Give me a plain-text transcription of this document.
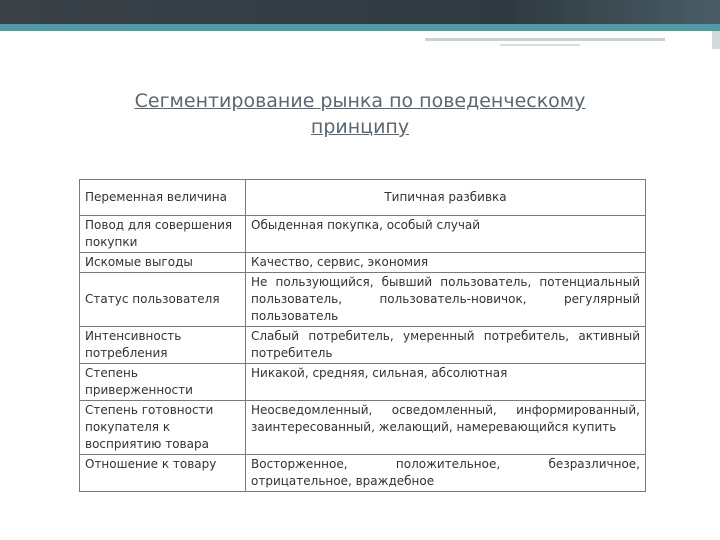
Сегментирование рынка по поведенческому
принципу
Переменная величина	Типичная разбивка
Повод для совершения покупки	Обыденная покупка, особый случай
Искомые выгоды	Качество, сервис, экономия
Статус пользователя	Не пользующийся, бывший пользователь, потенциальный пользователь, пользователь-новичок, регулярный пользователь
Интенсивность потребления	Слабый потребитель, умеренный потребитель, активный потребитель
Степень приверженности	Никакой, средняя, сильная, абсолютная
Степень готовности покупателя к восприятию товара	Неосведомленный, осведомленный, информированный, заинтересованный, желающий, намеревающийся купить
Отношение к товару	Восторженное, положительное, безразличное, отрицательное, враждебное
